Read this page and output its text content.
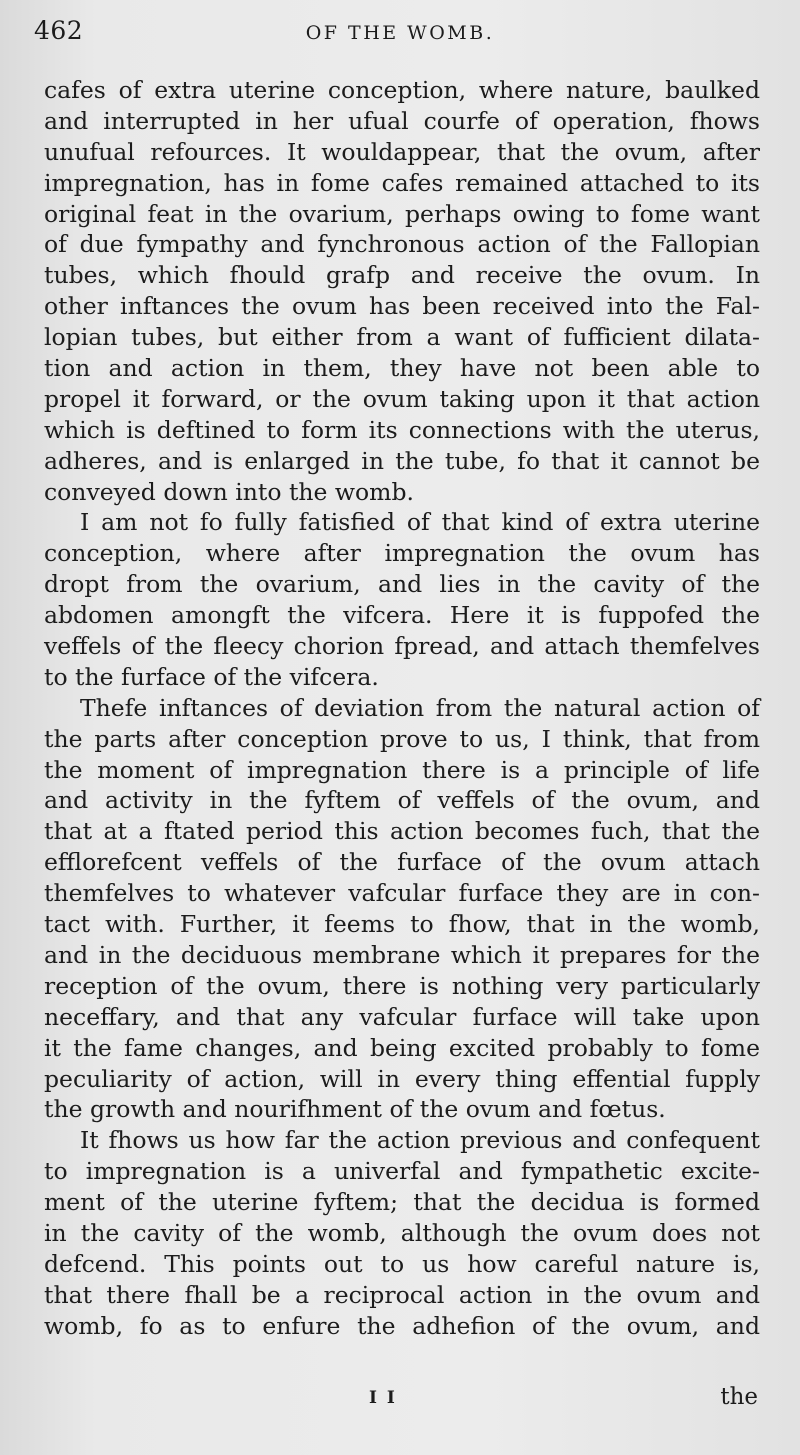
462	OF THE WOMB.
cafes of extra uterine conception, where nature, baulked
and interrupted in her ufual courfe of operation, fhows
unufual refources. It wouldappear, that the ovum, after
impregnation, has in fome cafes remained attached to its
original feat in the ovarium, perhaps owing to fome want
of due fympathy and fynchronous action of the Fallopian
tubes, which fhould grafp and receive the ovum. In
other inftances the ovum has been received into the Fal-
lopian tubes, but either from a want of fufficient dilata-
tion and action in them, they have not been able to
propel it forward, or the ovum taking upon it that action
which is deftined to form its connections with the uterus,
adheres, and is enlarged in the tube, fo that it cannot be
conveyed down into the womb.
I am not fo fully fatisfied of that kind of extra uterine
conception, where after impregnation the ovum has
dropt from the ovarium, and lies in the cavity of the
abdomen amongft the vifcera. Here it is fuppofed the
veffels of the fleecy chorion fpread, and attach themfelves
to the furface of the vifcera.
Thefe inftances of deviation from the natural action of
the parts after conception prove to us, I think, that from
the moment of impregnation there is a principle of life
and activity in the fyftem of veffels of the ovum, and
that at a ftated period this action becomes fuch, that the
efflorefcent veffels of the furface of the ovum attach
themfelves to whatever vafcular furface they are in con-
tact with. Further, it feems to fhow, that in the womb,
and in the deciduous membrane which it prepares for the
reception of the ovum, there is nothing very particularly
neceffary, and that any vafcular furface will take upon
it the fame changes, and being excited probably to fome
peculiarity of action, will in every thing effential fupply
the growth and nourifhment of the ovum and fœtus.
It fhows us how far the action previous and confequent
to impregnation is a univerfal and fympathetic excite-
ment of the uterine fyftem; that the decidua is formed
in the cavity of the womb, although the ovum does not
defcend. This points out to us how careful nature is,
that there fhall be a reciprocal action in the ovum and
womb, fo as to enfure the adhefion of the ovum, and
I I	the
